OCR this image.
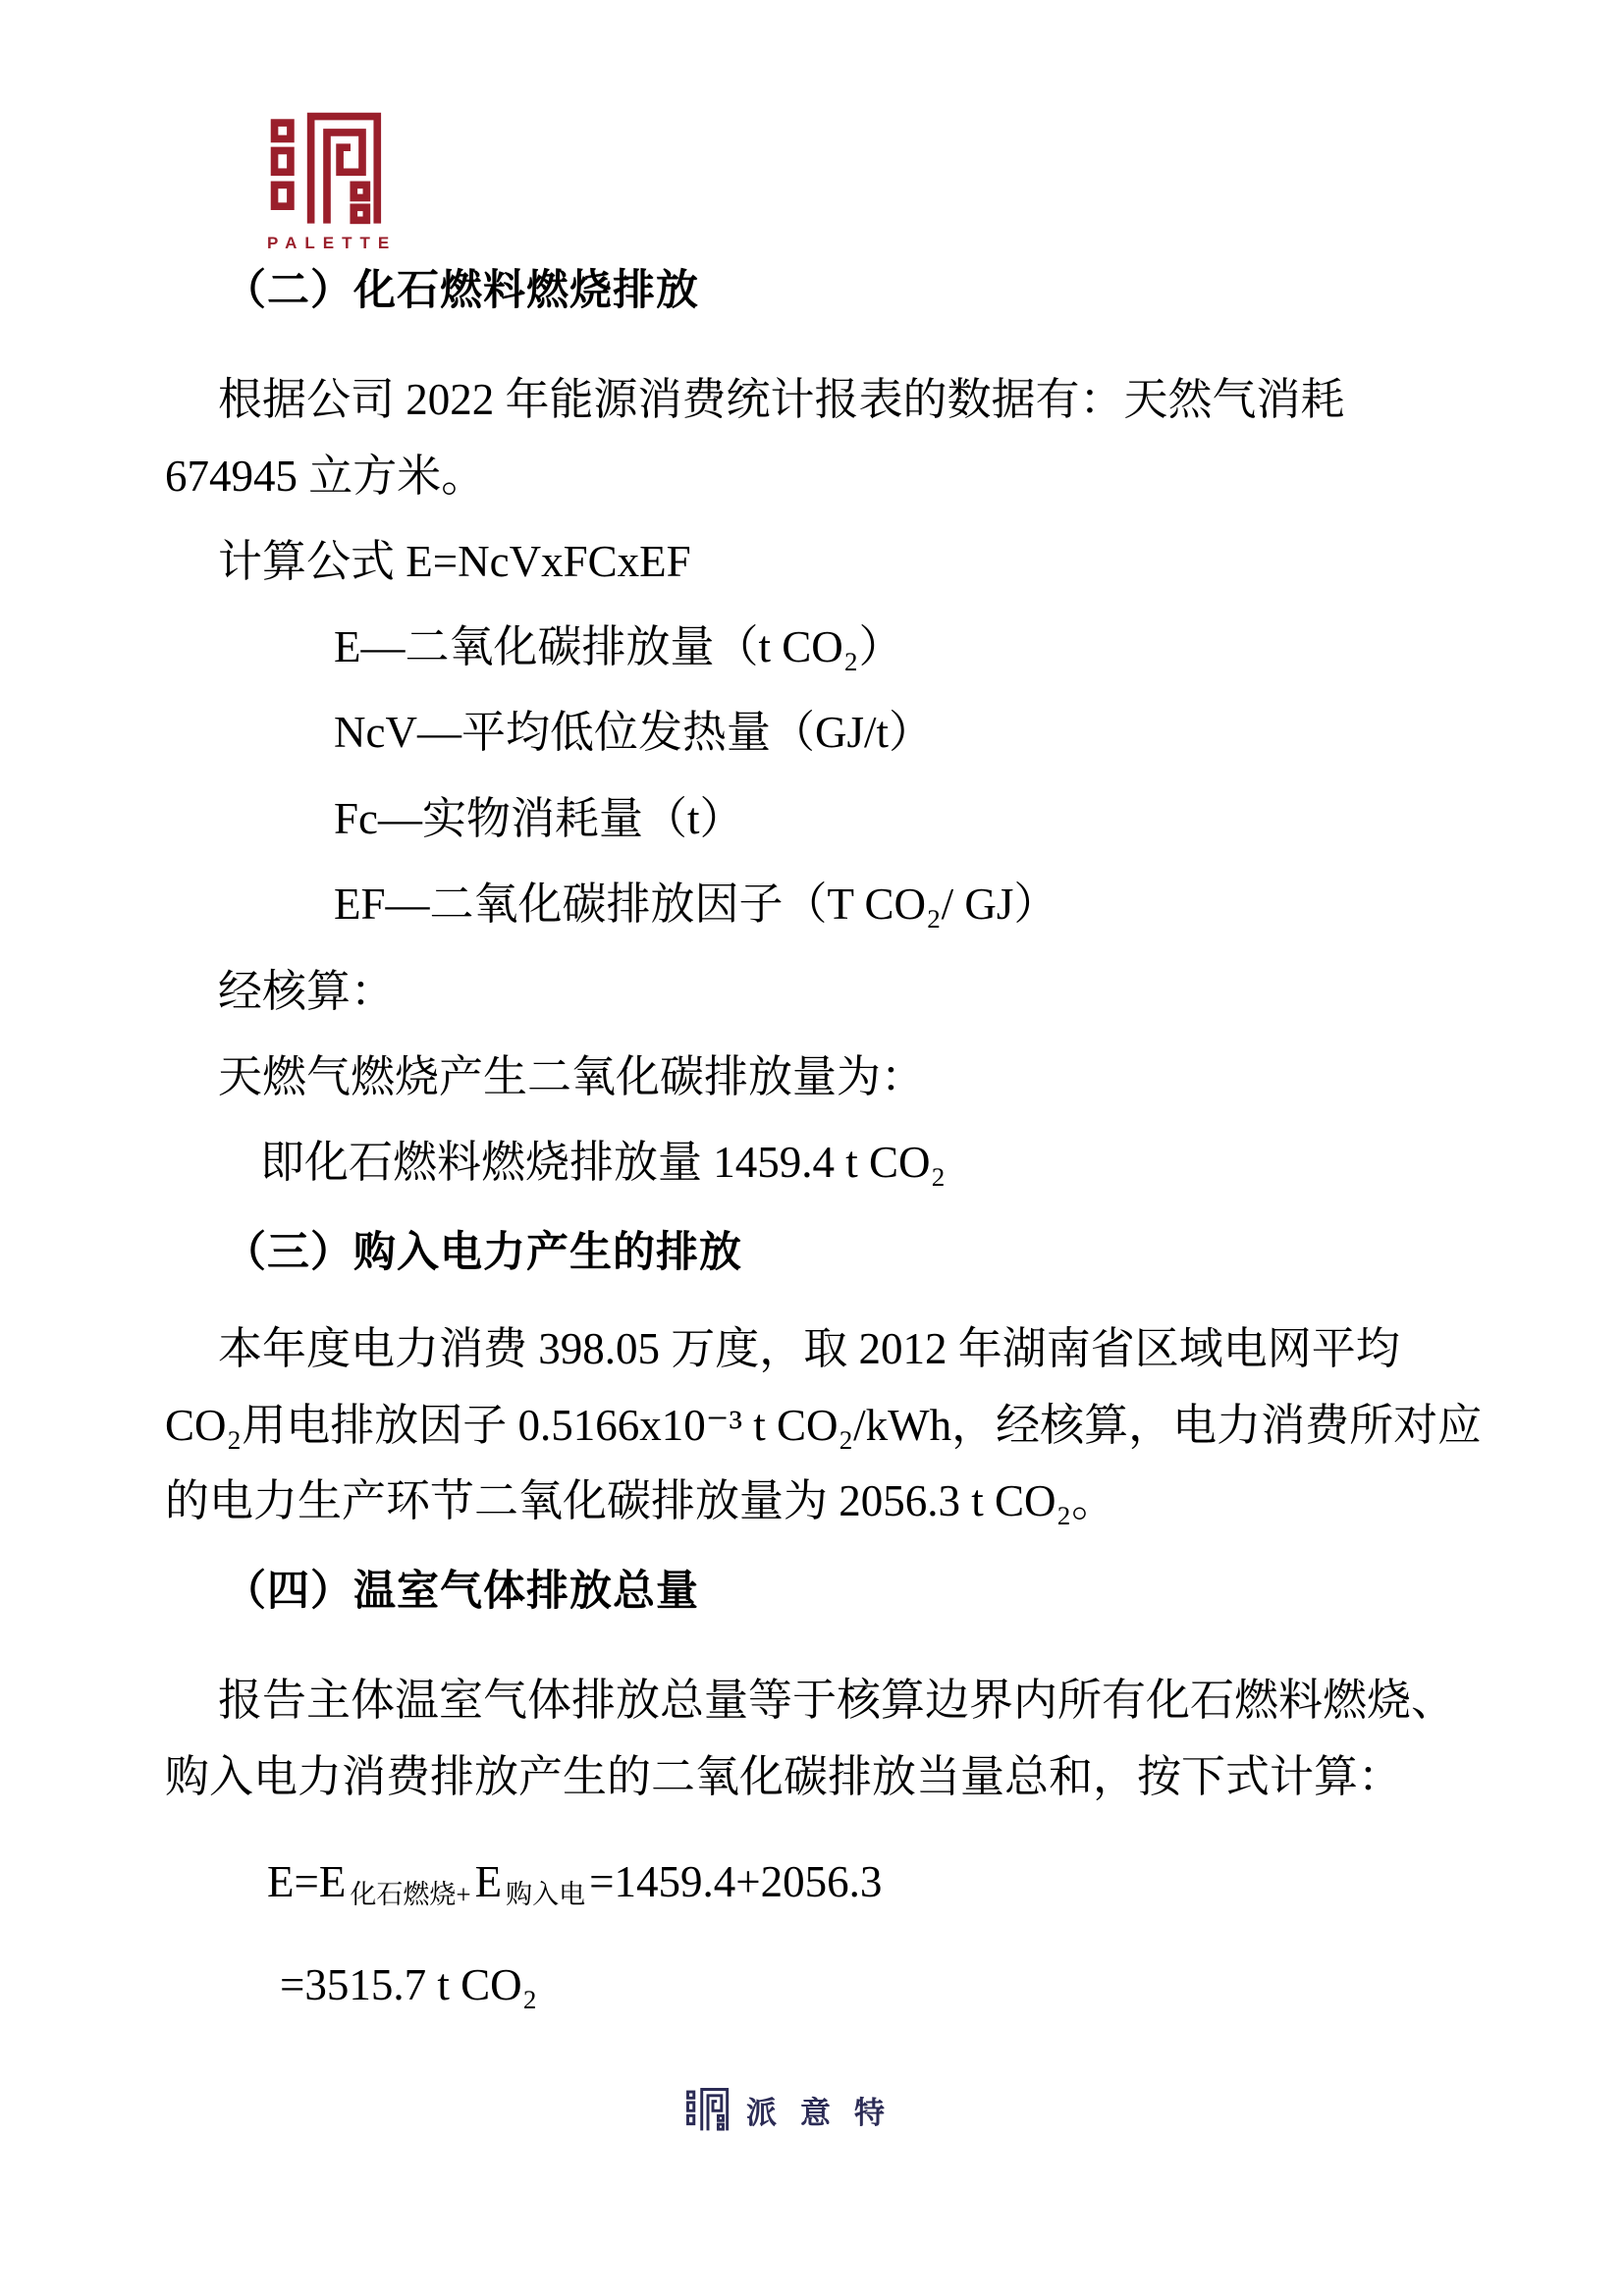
PALETTE
（二）化石燃料燃烧排放
根据公司 2022 年能源消费统计报表的数据有：天然气消耗
674945 立方米。
计算公式 E=NcVxFCxEF
E—二氧化碳排放量（t CO₂）
NcV—平均低位发热量（GJ/t）
Fc—实物消耗量（t）
EF—二氧化碳排放因子（T CO₂/ GJ）
经核算：
天燃气燃烧产生二氧化碳排放量为：
即化石燃料燃烧排放量 1459.4 t CO₂
（三）购入电力产生的排放
本年度电力消费 398.05 万度，取 2012 年湖南省区域电网平均
CO₂用电排放因子 0.5166x10⁻³ t CO₂/kWh，经核算，电力消费所对应
的电力生产环节二氧化碳排放量为 2056.3 t CO₂。
（四）温室气体排放总量
报告主体温室气体排放总量等于核算边界内所有化石燃料燃烧、
购入电力消费排放产生的二氧化碳排放当量总和，按下式计算：
E=E 化石燃烧+E 购入电=1459.4+2056.3
=3515.7 t CO₂
派意特
